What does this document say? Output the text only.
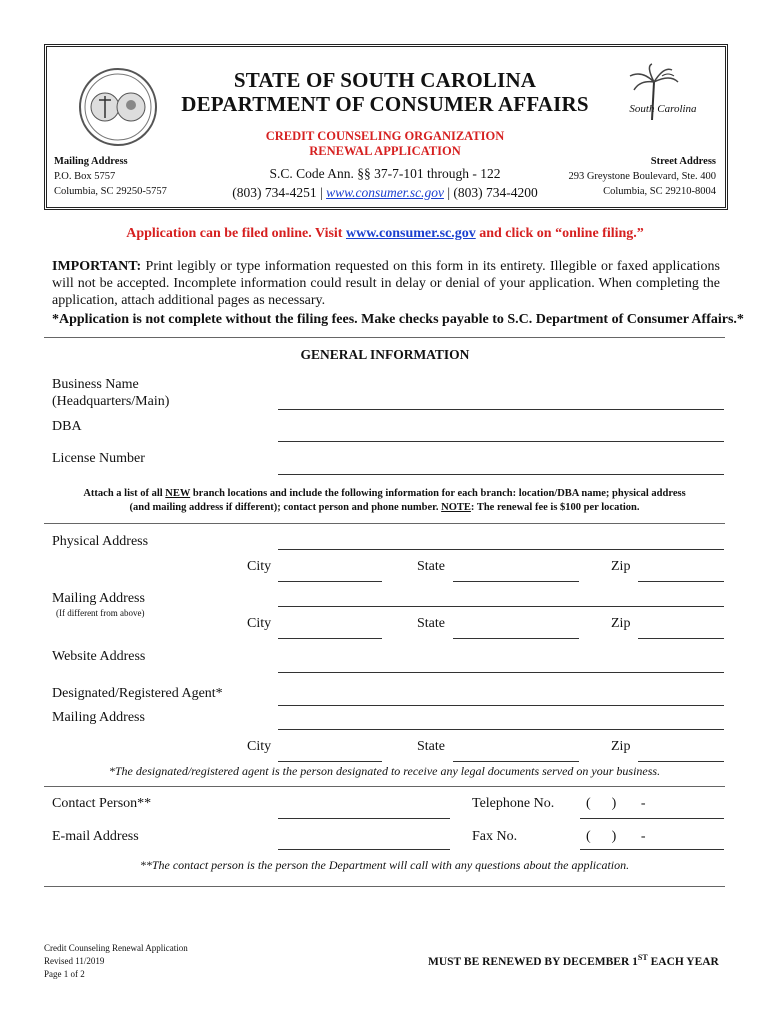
South Carolina
STATE OF SOUTH CAROLINA
DEPARTMENT OF CONSUMER AFFAIRS
CREDIT COUNSELING ORGANIZATION
RENEWAL APPLICATION
Mailing Address
P.O. Box 5757
Columbia, SC 29250-5757
Street Address
293 Greystone Boulevard, Ste. 400
Columbia, SC 29210-8004
S.C. Code Ann. §§ 37-7-101 through - 122
(803) 734-4251 | www.consumer.sc.gov | (803) 734-4200
Application can be filed online. Visit www.consumer.sc.gov and click on “online filing.”
IMPORTANT: Print legibly or type information requested on this form in its entirety. Illegible or faxed applications will not be accepted. Incomplete information could result in delay or denial of your application. When completing the application, attach additional pages as necessary.
*Application is not complete without the filing fees. Make checks payable to S.C. Department of Consumer Affairs.*
GENERAL INFORMATION
Business Name
(Headquarters/Main)
DBA
License Number
Attach a list of all NEW branch locations and include the following information for each branch: location/DBA name; physical address
(and mailing address if different); contact person and phone number. NOTE: The renewal fee is $100 per location.
Physical Address
City	State	Zip
Mailing Address
(If different from above)
City	State	Zip
Website Address
Designated/Registered Agent*
Mailing Address
City	State	Zip
*The designated/registered agent is the person designated to receive any legal documents served on your business.
Contact Person**	Telephone No. (      )       -
E-mail Address	Fax No.	(      )       -
**The contact person is the person the Department will call with any questions about the application.
Credit Counseling Renewal Application
Revised 11/2019
Page 1 of 2
MUST BE RENEWED BY DECEMBER 1ST EACH YEAR
